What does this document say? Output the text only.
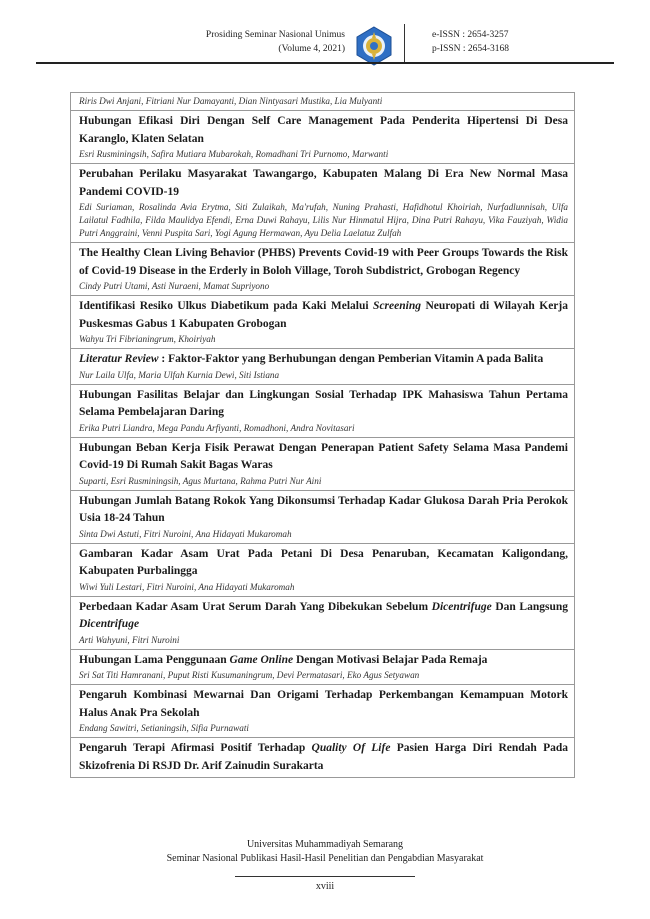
Prosiding Seminar Nasional Unimus
(Volume 4, 2021)
e-ISSN : 2654-3257
p-ISSN : 2654-3168
Riris Dwi Anjani, Fitriani Nur Damayanti, Dian Nintyasari Mustika, Lia Mulyanti
Hubungan Efikasi Diri Dengan Self Care Management Pada Penderita Hipertensi Di Desa Karanglo, Klaten Selatan
Esri Rusminingsih, Safira Mutiara Mubarokah, Romadhani Tri Purnomo, Marwanti
Perubahan Perilaku Masyarakat Tawangargo, Kabupaten Malang Di Era New Normal Masa Pandemi COVID-19
Edi Suriaman, Rosalinda Avia Erytma, Siti Zulaikah, Ma'rufah, Nuning Prahasti, Hafidhotul Khoiriah, Nurfadlunnisah, Ulfa Lailatul Fadhila, Filda Maulidya Efendi, Erna Duwi Rahayu, Lilis Nur Hinmatul Hijra, Dina Putri Rahayu, Vika Fauziyah, Widia Putri Anggraini, Venni Puspita Sari, Yogi Agung Hermawan, Ayu Delia Laelatuz Zulfah
The Healthy Clean Living Behavior (PHBS) Prevents Covid-19 with Peer Groups Towards the Risk of Covid-19 Disease in the Erderly in Boloh Village, Toroh Subdistrict, Grobogan Regency
Cindy Putri Utami, Asti Nuraeni, Mamat Supriyono
Identifikasi Resiko Ulkus Diabetikum pada Kaki Melalui Screening Neuropati di Wilayah Kerja Puskesmas Gabus 1 Kabupaten Grobogan
Wahyu Tri Fibrianingrum, Khoiriyah
Literatur Review : Faktor-Faktor yang Berhubungan dengan Pemberian Vitamin A pada Balita
Nur Laila Ulfa, Maria Ulfah Kurnia Dewi, Siti Istiana
Hubungan Fasilitas Belajar dan Lingkungan Sosial Terhadap IPK Mahasiswa Tahun Pertama Selama Pembelajaran Daring
Erika Putri Liandra, Mega Pandu Arfiyanti, Romadhoni, Andra Novitasari
Hubungan Beban Kerja Fisik Perawat Dengan Penerapan Patient Safety Selama Masa Pandemi Covid-19 Di Rumah Sakit Bagas Waras
Suparti, Esri Rusminingsih, Agus Murtana, Rahma Putri Nur Aini
Hubungan Jumlah Batang Rokok Yang Dikonsumsi Terhadap Kadar Glukosa Darah Pria Perokok Usia 18-24 Tahun
Sinta Dwi Astuti, Fitri Nuroini, Ana Hidayati Mukaromah
Gambaran Kadar Asam Urat Pada Petani Di Desa Penaruban, Kecamatan Kaligondang, Kabupaten Purbalingga
Wiwi Yuli Lestari, Fitri Nuroini, Ana Hidayati Mukaromah
Perbedaan Kadar Asam Urat Serum Darah Yang Dibekukan Sebelum Dicentrifuge Dan Langsung Dicentrifuge
Arti Wahyuni, Fitri Nuroini
Hubungan Lama Penggunaan Game Online Dengan Motivasi Belajar Pada Remaja
Sri Sat Titi Hamranani, Puput Risti Kusumaningrum, Devi Permatasari, Eko Agus Setyawan
Pengaruh Kombinasi Mewarnai Dan Origami Terhadap Perkembangan Kemampuan Motork Halus Anak Pra Sekolah
Endang Sawitri, Setianingsih, Sifia Purnawati
Pengaruh Terapi Afirmasi Positif Terhadap Quality Of Life Pasien Harga Diri Rendah Pada Skizofrenia Di RSJD Dr. Arif Zainudin Surakarta
Universitas Muhammadiyah Semarang
Seminar Nasional Publikasi Hasil-Hasil Penelitian dan Pengabdian Masyarakat
xviii
